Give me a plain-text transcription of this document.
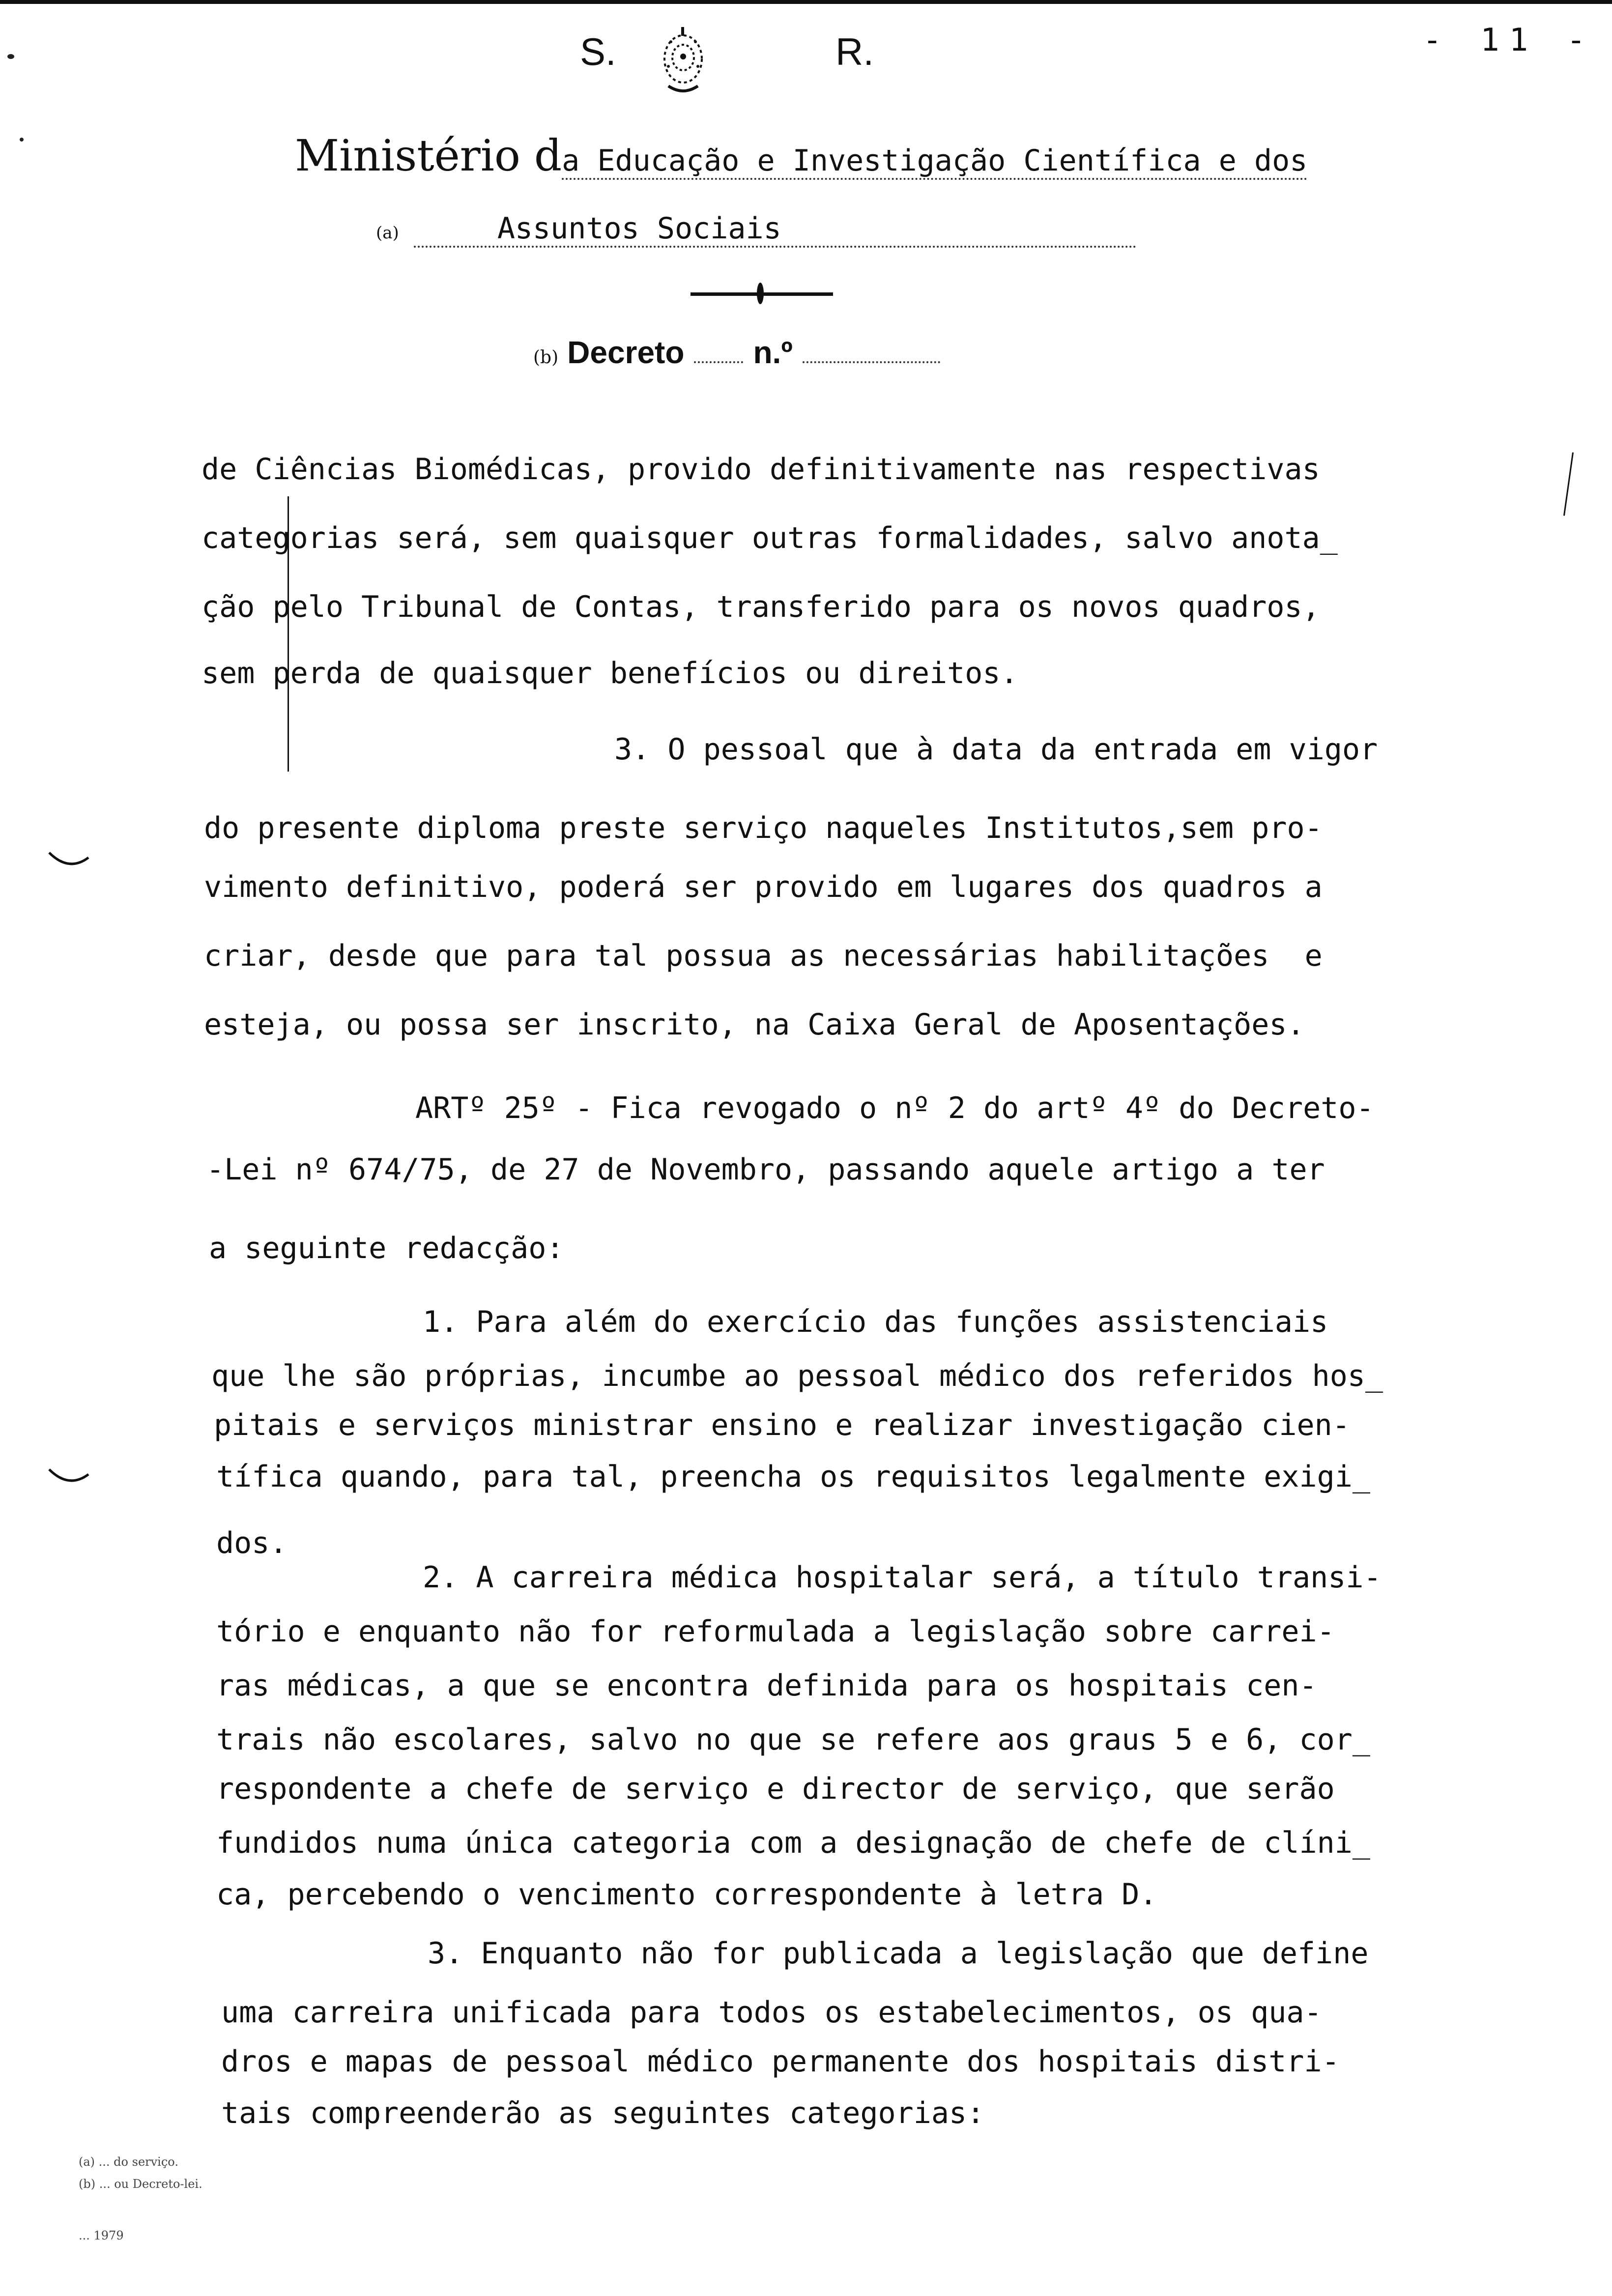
- 11 -
S.	R.
Ministério da Educação e Investigação Científica e dos
(a)	Assuntos Sociais
(b) Decreto n.º
de Ciências Biomédicas, provido definitivamente nas respectivas
categorias será, sem quaisquer outras formalidades, salvo anota_
ção pelo Tribunal de Contas, transferido para os novos quadros,
sem perda de quaisquer benefícios ou direitos.
3. O pessoal que à data da entrada em vigor
do presente diploma preste serviço naqueles Institutos,sem pro-
vimento definitivo, poderá ser provido em lugares dos quadros a
criar, desde que para tal possua as necessárias habilitações  e
esteja, ou possa ser inscrito, na Caixa Geral de Aposentações.
ARTº 25º - Fica revogado o nº 2 do artº 4º do Decreto-
-Lei nº 674/75, de 27 de Novembro, passando aquele artigo a ter
a seguinte redacção:
1. Para além do exercício das funções assistenciais
que lhe são próprias, incumbe ao pessoal médico dos referidos hos_
pitais e serviços ministrar ensino e realizar investigação cien-
tífica quando, para tal, preencha os requisitos legalmente exigi_
dos.
2. A carreira médica hospitalar será, a título transi-
tório e enquanto não for reformulada a legislação sobre carrei-
ras médicas, a que se encontra definida para os hospitais cen-
trais não escolares, salvo no que se refere aos graus 5 e 6, cor_
respondente a chefe de serviço e director de serviço, que serão
fundidos numa única categoria com a designação de chefe de clíni_
ca, percebendo o vencimento correspondente à letra D.
3. Enquanto não for publicada a legislação que define
uma carreira unificada para todos os estabelecimentos, os qua-
dros e mapas de pessoal médico permanente dos hospitais distri-
tais compreenderão as seguintes categorias:
(a) ... do serviço.
(b) ... ou Decreto-lei.
... 1979
